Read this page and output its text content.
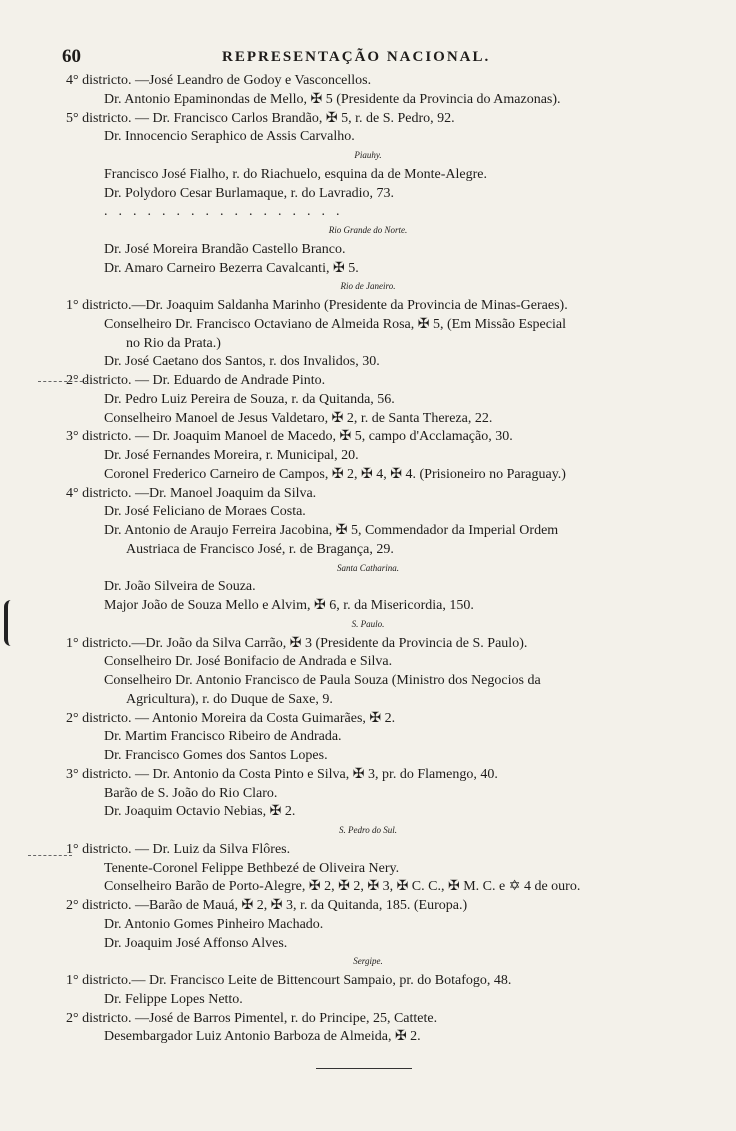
60	REPRESENTAÇÃO NACIONAL.
4° districto. —José Leandro de Godoy e Vasconcellos.
Dr. Antonio Epaminondas de Mello, ✠ 5 (Presidente da Provincia do Amazonas).
5° districto. — Dr. Francisco Carlos Brandão, ✠ 5, r. de S. Pedro, 92.
Dr. Innocencio Seraphico de Assis Carvalho.
Piauhy.
Francisco José Fialho, r. do Riachuelo, esquina da de Monte-Alegre.
Dr. Polydoro Cesar Burlamaque, r. do Lavradio, 73.
.................
Rio Grande do Norte.
Dr. José Moreira Brandão Castello Branco.
Dr. Amaro Carneiro Bezerra Cavalcanti, ✠ 5.
Rio de Janeiro.
1° districto.—Dr. Joaquim Saldanha Marinho (Presidente da Provincia de Minas-Geraes).
Conselheiro Dr. Francisco Octaviano de Almeida Rosa, ✠ 5, (Em Missão Especial
no Rio da Prata.)
Dr. José Caetano dos Santos, r. dos Invalidos, 30.
2° districto. — Dr. Eduardo de Andrade Pinto.
Dr. Pedro Luiz Pereira de Souza, r. da Quitanda, 56.
Conselheiro Manoel de Jesus Valdetaro, ✠ 2, r. de Santa Thereza, 22.
3° districto. — Dr. Joaquim Manoel de Macedo, ✠ 5, campo d'Acclamação, 30.
Dr. José Fernandes Moreira, r. Municipal, 20.
Coronel Frederico Carneiro de Campos, ✠ 2, ✠ 4, ✠ 4. (Prisioneiro no Paraguay.)
4° districto. —Dr. Manoel Joaquim da Silva.
Dr. José Feliciano de Moraes Costa.
Dr. Antonio de Araujo Ferreira Jacobina, ✠ 5, Commendador da Imperial Ordem
Austriaca de Francisco José, r. de Bragança, 29.
Santa Catharina.
Dr. João Silveira de Souza.
Major João de Souza Mello e Alvim, ✠ 6, r. da Misericordia, 150.
S. Paulo.
1° districto.—Dr. João da Silva Carrão, ✠ 3 (Presidente da Provincia de S. Paulo).
Conselheiro Dr. José Bonifacio de Andrada e Silva.
Conselheiro Dr. Antonio Francisco de Paula Souza (Ministro dos Negocios da
Agricultura), r. do Duque de Saxe, 9.
2° districto. — Antonio Moreira da Costa Guimarães, ✠ 2.
Dr. Martim Francisco Ribeiro de Andrada.
Dr. Francisco Gomes dos Santos Lopes.
3° districto. — Dr. Antonio da Costa Pinto e Silva, ✠ 3, pr. do Flamengo, 40.
Barão de S. João do Rio Claro.
Dr. Joaquim Octavio Nebias, ✠ 2.
S. Pedro do Sul.
1° districto. — Dr. Luiz da Silva Flôres.
Tenente-Coronel Felippe Bethbezé de Oliveira Nery.
Conselheiro Barão de Porto-Alegre, ✠ 2, ✠ 2, ✠ 3, ✠ C. C., ✠ M. C. e ✡ 4 de ouro.
2° districto. —Barão de Mauá, ✠ 2, ✠ 3, r. da Quitanda, 185. (Europa.)
Dr. Antonio Gomes Pinheiro Machado.
Dr. Joaquim José Affonso Alves.
Sergipe.
1° districto.— Dr. Francisco Leite de Bittencourt Sampaio, pr. do Botafogo, 48.
Dr. Felippe Lopes Netto.
2° districto. —José de Barros Pimentel, r. do Principe, 25, Cattete.
Desembargador Luiz Antonio Barboza de Almeida, ✠ 2.
